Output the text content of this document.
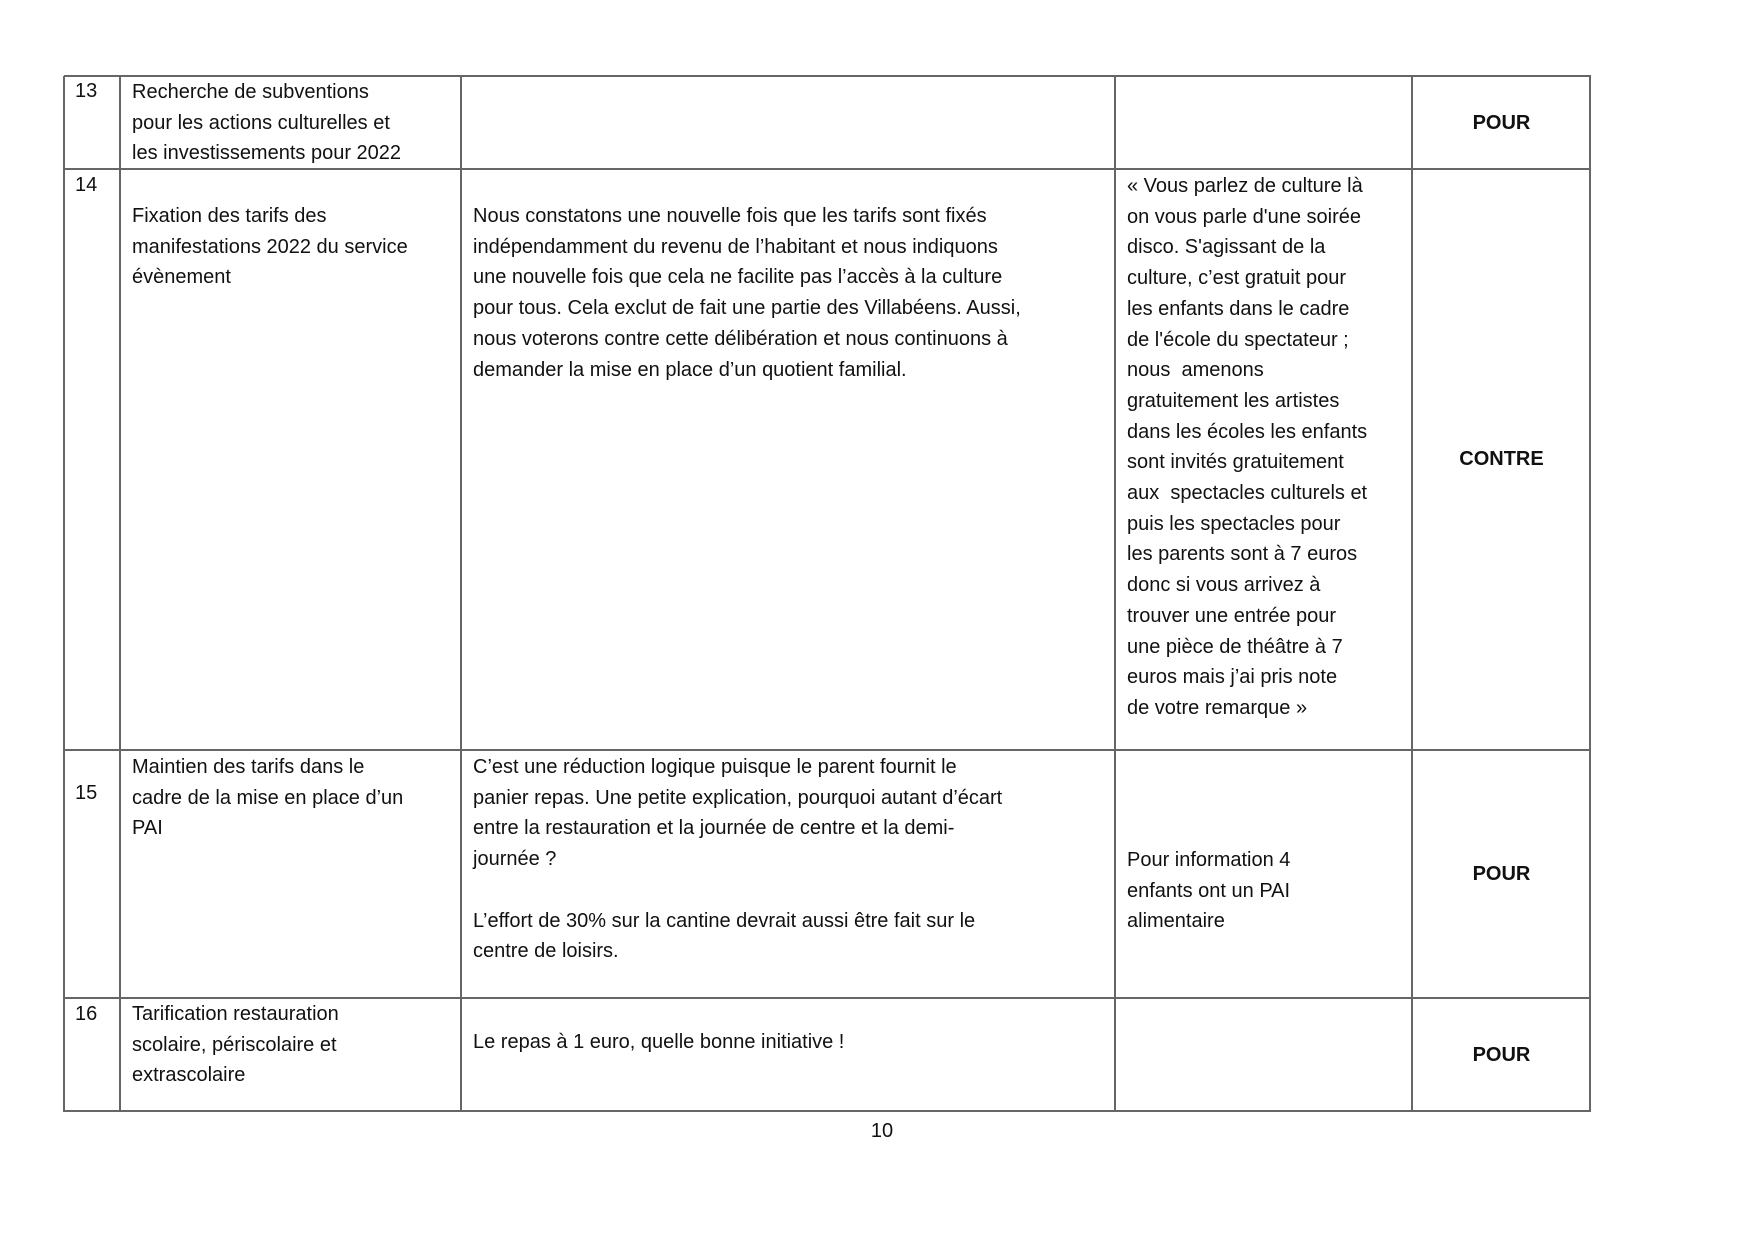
13 Recherche de subventions
pour les actions culturelles et
les investissements pour 2022
POUR
14
Fixation des tarifs des
manifestations 2022 du service
évènement
Nous constatons une nouvelle fois que les tarifs sont fixés
indépendamment du revenu de l’habitant et nous indiquons
une nouvelle fois que cela ne facilite pas l’accès à la culture
pour tous. Cela exclut de fait une partie des Villabéens. Aussi,
nous voterons contre cette délibération et nous continuons à
demander la mise en place d’un quotient familial.
« Vous parlez de culture là
on vous parle d'une soirée
disco. S'agissant de la
culture, c’est gratuit pour
les enfants dans le cadre
de l'école du spectateur ;
nous  amenons
gratuitement les artistes
dans les écoles les enfants
sont invités gratuitement
aux  spectacles culturels et
puis les spectacles pour
les parents sont à 7 euros
donc si vous arrivez à
trouver une entrée pour
une pièce de théâtre à 7
euros mais j’ai pris note
de votre remarque »
CONTRE
15
Maintien des tarifs dans le
cadre de la mise en place d’un
PAI
C’est une réduction logique puisque le parent fournit le
panier repas. Une petite explication, pourquoi autant d’écart
entre la restauration et la journée de centre et la demi-
journée ?

L’effort de 30% sur la cantine devrait aussi être fait sur le
centre de loisirs.
Pour information 4
enfants ont un PAI
alimentaire
POUR
16 Tarification restauration
scolaire, périscolaire et
extrascolaire
Le repas à 1 euro, quelle bonne initiative !
POUR
10
